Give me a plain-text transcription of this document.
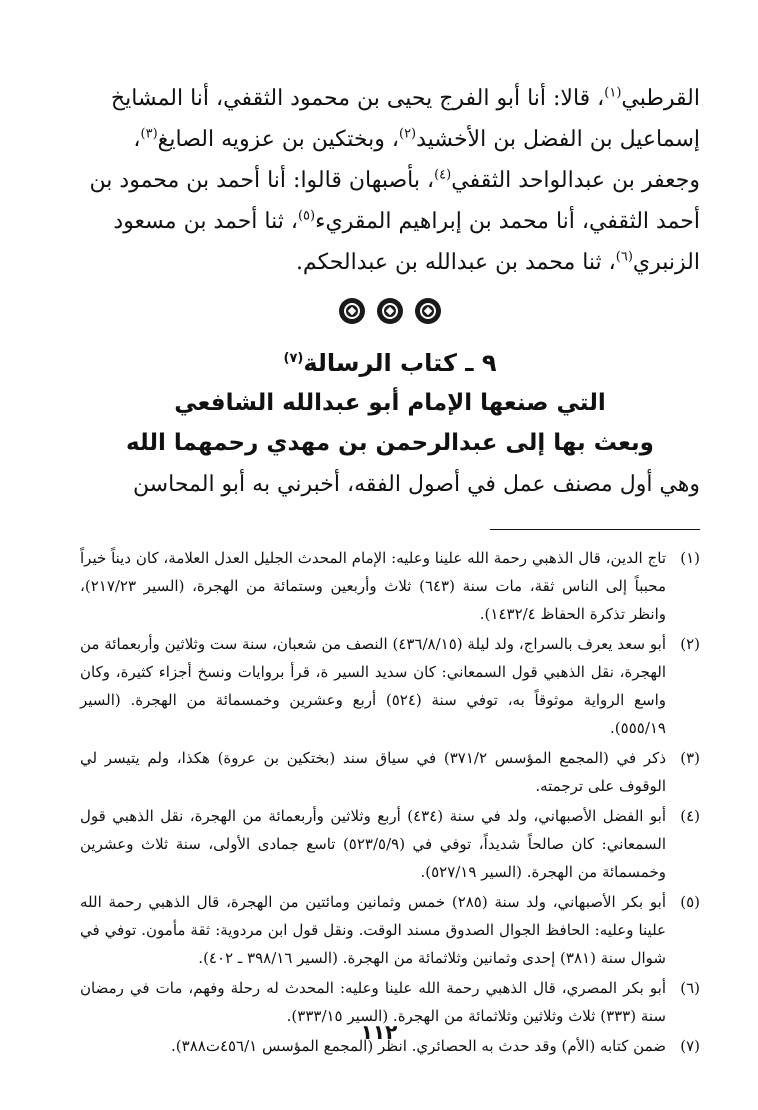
القرطبي$^{(١)}$، قالا: أنا أبو الفرج يحيى بن محمود الثقفي، أنا المشايخ

إسماعيل بن الفضل بن الأخشيد$^{(٢)}$، وبختكين بن عزويه الصايغ$^{(٣)}$،

وجعفر بن عبدالواحد الثقفي$^{(٤)}$، بأصبهان قالوا: أنا أحمد بن محمود بن

أحمد الثقفي، أنا محمد بن إبراهيم المقريء$^{(٥)}$، ثنا أحمد بن مسعود

الزنبري$^{(٦)}$، ثنا محمد بن عبدالله بن عبدالحكم.

٩ ـ كتاب الرسالة$^{(٧)}$
التي صنعها الإمام أبو عبدالله الشافعي
وبعث بها إلى عبدالرحمن بن مهدي رحمهما الله

وهي أول مصنف عمل في أصول الفقه، أخبرني به أبو المحاسن

(١)
تاج الدين، قال الذهبي رحمة الله علينا وعليه: الإمام المحدث الجليل العدل العلامة، كان ديناً خيراً محبباً إلى الناس ثقة، مات سنة (٦٤٣) ثلاث وأربعين وستمائة من الهجرة، (السير ٢١٧/٢٣)، وانظر تذكرة الحفاظ ١٤٣٢/٤).
(٢)
أبو سعد يعرف بالسراج، ولد ليلة (٤٣٦/٨/١٥) النصف من شعبان، سنة ست وثلاثين وأربعمائة من الهجرة، نقل الذهبي قول السمعاني: كان سديد السير ة، قرأ بروايات ونسخ أجزاء كثيرة، وكان واسع الرواية موثوقاً به، توفي سنة (٥٢٤) أربع وعشرين وخمسمائة من الهجرة. (السير ٥٥٥/١٩).
(٣)
ذكر في (المجمع المؤسس ٣٧١/٢) في سياق سند (بختكين بن عروة) هكذا، ولم يتيسر لي الوقوف على ترجمته.
(٤)
أبو الفضل الأصبهاني، ولد في سنة (٤٣٤) أربع وثلاثين وأربعمائة من الهجرة، نقل الذهبي قول السمعاني: كان صالحاً شديداً، توفي في (٥٢٣/٥/٩) تاسع جمادى الأولى، سنة ثلاث وعشرين وخمسمائة من الهجرة. (السير ٥٢٧/١٩).
(٥)
أبو بكر الأصبهاني، ولد سنة (٢٨٥) خمس وثمانين ومائتين من الهجرة، قال الذهبي رحمة الله علينا وعليه: الحافظ الجوال الصدوق مسند الوقت. ونقل قول ابن مردوية: ثقة مأمون. توفي في شوال سنة (٣٨١) إحدى وثمانين وثلاثمائة من الهجرة. (السير ٣٩٨/١٦ ـ ٤٠٢).
(٦)
أبو بكر المصري، قال الذهبي رحمة الله علينا وعليه: المحدث له رحلة وفهم، مات في رمضان سنة (٣٣٣) ثلاث وثلاثين وثلاثمائة من الهجرة. (السير ٣٣٣/١٥).
(٧)
ضمن كتابه (الأم) وقد حدث به الحصائري. انظر (المجمع المؤسس ٤٥٦/١ت٣٨٨).
١١٢
